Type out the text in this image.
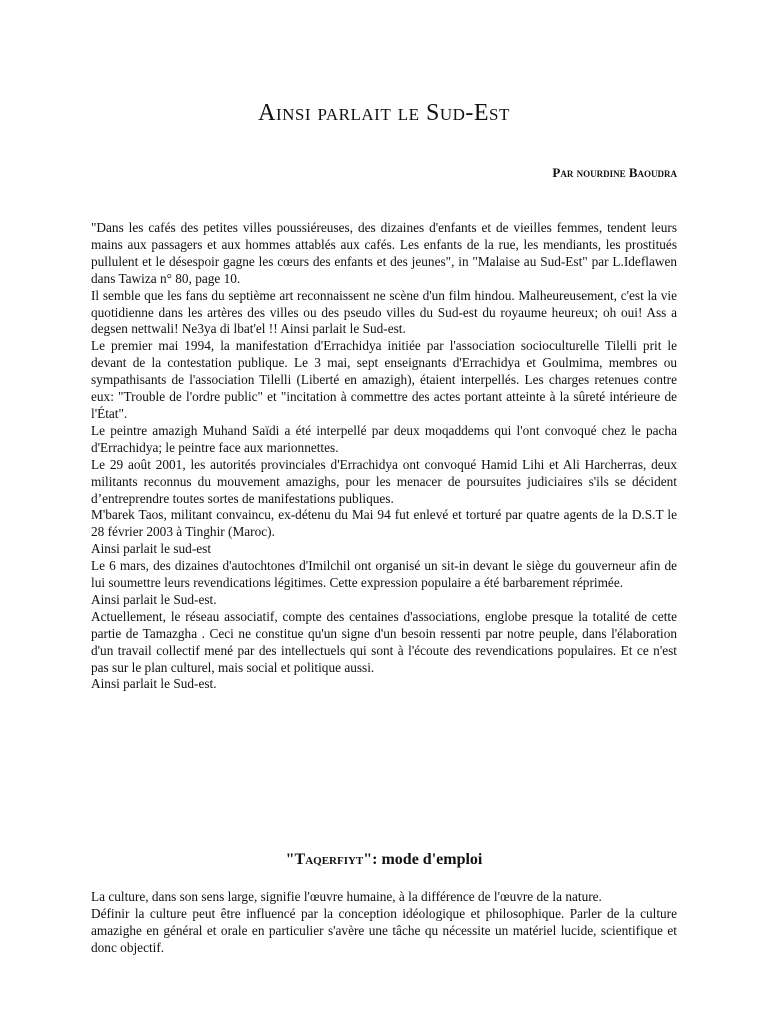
Ainsi parlait le Sud-Est
Par nourdine Baoudra

"Dans les cafés des petites villes poussiéreuses, des dizaines d'enfants et de vieilles femmes, tendent leurs mains aux passagers et aux hommes attablés aux cafés. Les enfants de la rue, les mendiants, les prostitués pullulent et le désespoir gagne les cœurs des enfants et des jeunes", in "Malaise au Sud-Est" par L.Ideflawen dans Tawiza n° 80, page 10.

Il semble que les fans du septième art reconnaissent ne scène d'un film hindou. Malheureusement, c'est la vie quotidienne dans les artères des villes ou des pseudo villes du Sud-est du royaume heureux; oh oui! Ass a degsen nettwali! Ne3ya di lbat'el !! Ainsi parlait le Sud-est.

Le premier mai 1994, la manifestation d'Errachidya initiée par l'association socioculturelle Tilelli prit le devant de la contestation publique. Le 3 mai, sept enseignants d'Errachidya et Goulmima, membres ou sympathisants de l'association Tilelli (Liberté en amazigh), étaient interpellés. Les charges retenues contre eux: "Trouble de l'ordre public" et "incitation à commettre des actes portant atteinte à la sûreté intérieure de l'État".

Le peintre amazigh Muhand Saïdi a été interpellé par deux moqaddems qui l'ont convoqué chez le pacha d'Errachidya; le peintre face aux marionnettes.

Le 29 août 2001, les autorités provinciales d'Errachidya ont convoqué Hamid Lihi et Ali Harcherras, deux militants reconnus du mouvement amazighs, pour les menacer de poursuites judiciaires s'ils se décident d’entreprendre toutes sortes de manifestations publiques.

M'barek Taos, militant convaincu, ex-détenu du Mai 94 fut enlevé et torturé par quatre agents de la D.S.T le 28 février 2003 à Tinghir (Maroc).

Ainsi parlait le sud-est

Le 6 mars, des dizaines d'autochtones d'Imilchil ont organisé un sit-in devant le siège du gouverneur afin de lui soumettre leurs revendications légitimes. Cette expression populaire a été barbarement réprimée.

Ainsi parlait le Sud-est.

Actuellement, le réseau associatif, compte des centaines d'associations, englobe presque la totalité de cette partie de Tamazgha . Ceci ne constitue qu'un signe d'un besoin ressenti par notre peuple, dans l'élaboration d'un travail collectif mené par des intellectuels qui sont à l'écoute des revendications populaires. Et ce n'est pas sur le plan culturel, mais social et politique aussi.

Ainsi parlait le Sud-est.

"Taqerfiyt": mode d'emploi

La culture, dans son sens large, signifie l'œuvre humaine, à la différence de l'œuvre de la nature.

Définir la culture peut être influencé par la conception idéologique et philosophique. Parler de la culture amazighe en général et orale en particulier s'avère une tâche qu nécessite un matériel lucide, scientifique et donc objectif.
